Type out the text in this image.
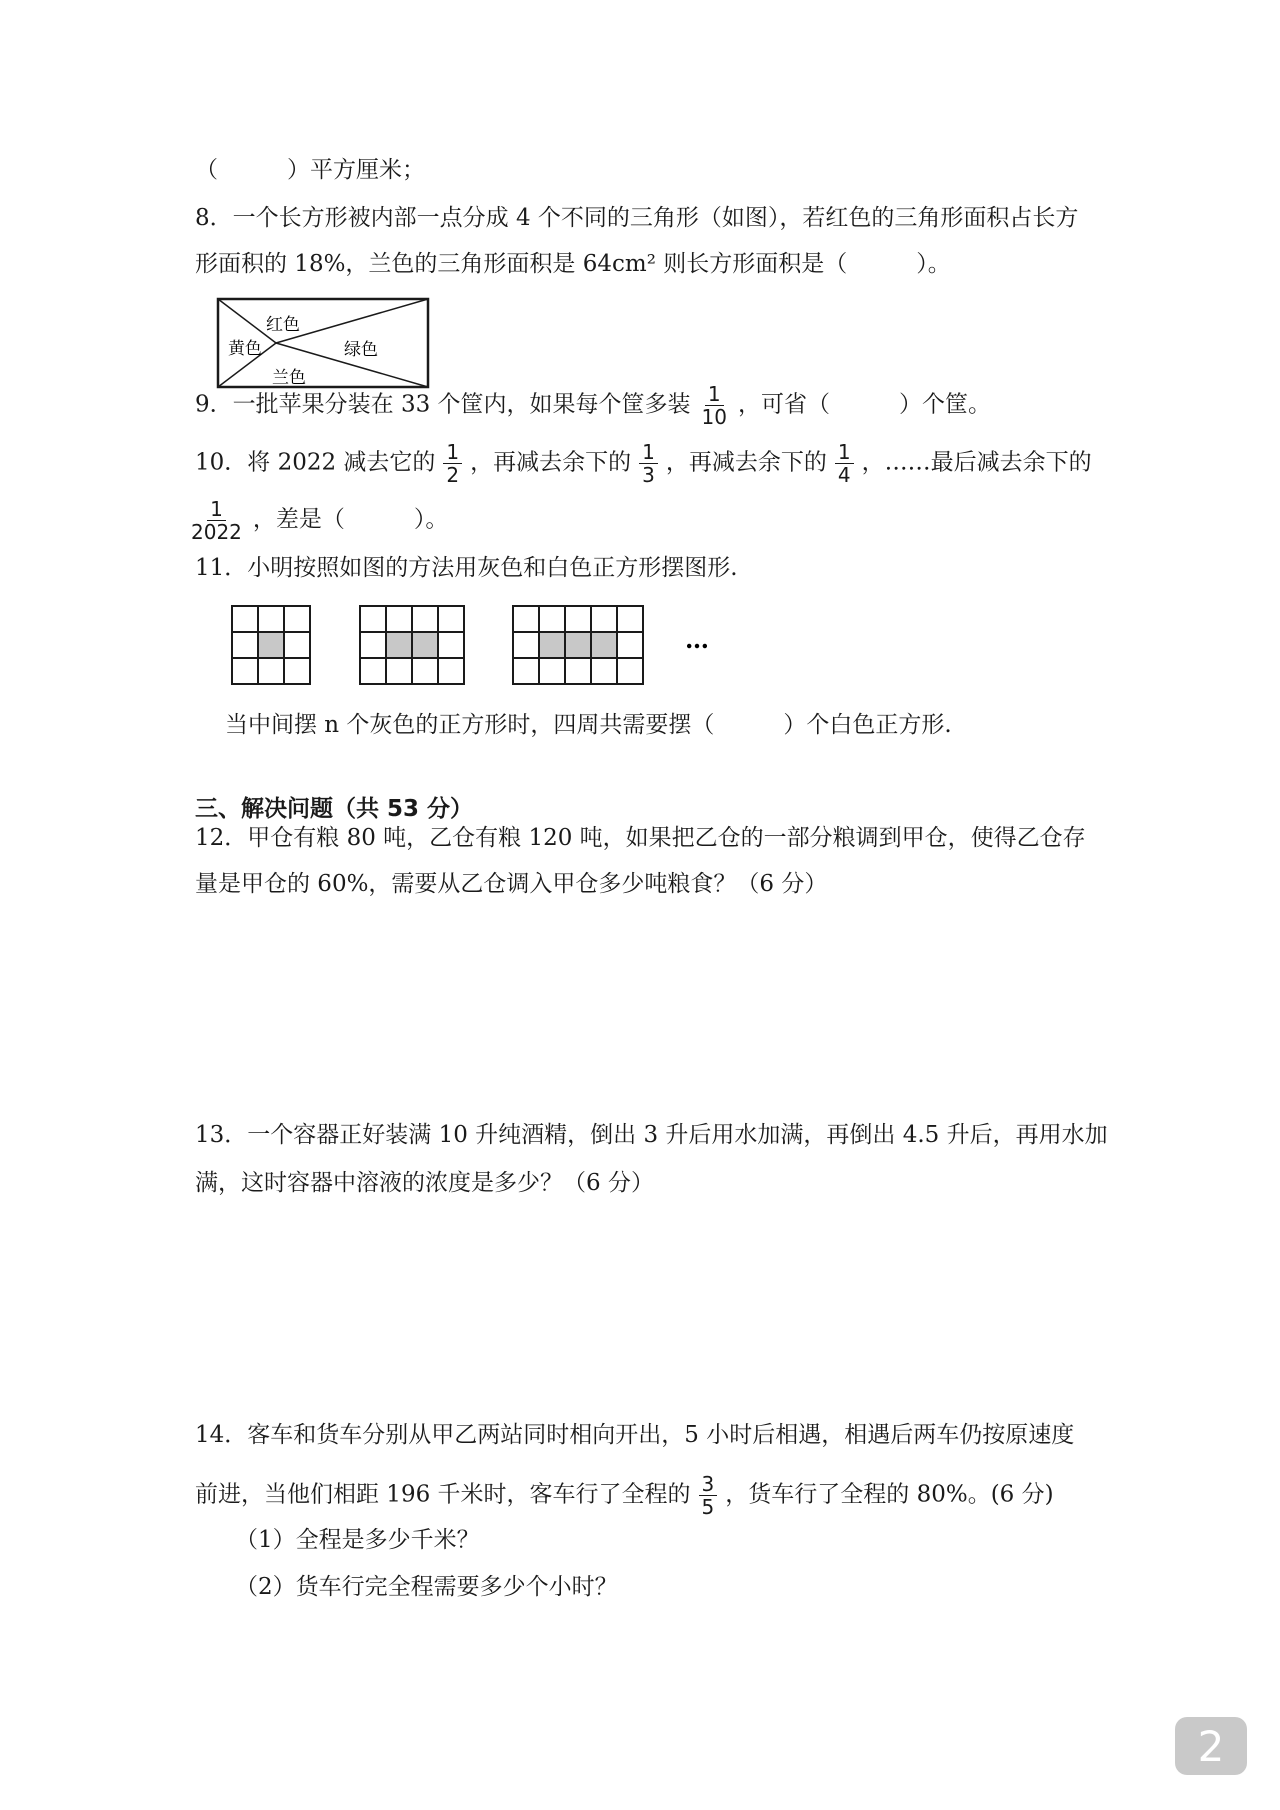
（　　　）平方厘米；
8．一个长方形被内部一点分成 4 个不同的三角形（如图），若红色的三角形面积占长方
形面积的 18%，兰色的三角形面积是 64cm² 则长方形面积是（　　　）。
红色
黄色	绿色
兰色
9．一批苹果分装在 33 个筐内，如果每个筐多装 $\frac{1}{10}$ ，可省（　　　）个筐。
10．将 2022 减去它的 $\frac{1}{2}$ ，再减去余下的 $\frac{1}{3}$ ，再减去余下的 $\frac{1}{4}$ ，……最后减去余下的
$\frac{1}{2022}$ ，差是（　　　）。
11．小明按照如图的方法用灰色和白色正方形摆图形.
…
当中间摆 n 个灰色的正方形时，四周共需要摆（　　　）个白色正方形.
三、解决问题（共 53 分）
12．甲仓有粮 80 吨，乙仓有粮 120 吨，如果把乙仓的一部分粮调到甲仓，使得乙仓存
量是甲仓的 60%，需要从乙仓调入甲仓多少吨粮食？（6 分）
13．一个容器正好装满 10 升纯酒精，倒出 3 升后用水加满，再倒出 4.5 升后，再用水加
满，这时容器中溶液的浓度是多少？（6 分）
14．客车和货车分别从甲乙两站同时相向开出，5 小时后相遇，相遇后两车仍按原速度
前进，当他们相距 196 千米时，客车行了全程的 $\frac{3}{5}$ ，货车行了全程的 80%。(6 分)
（1）全程是多少千米？
（2）货车行完全程需要多少个小时？
2
